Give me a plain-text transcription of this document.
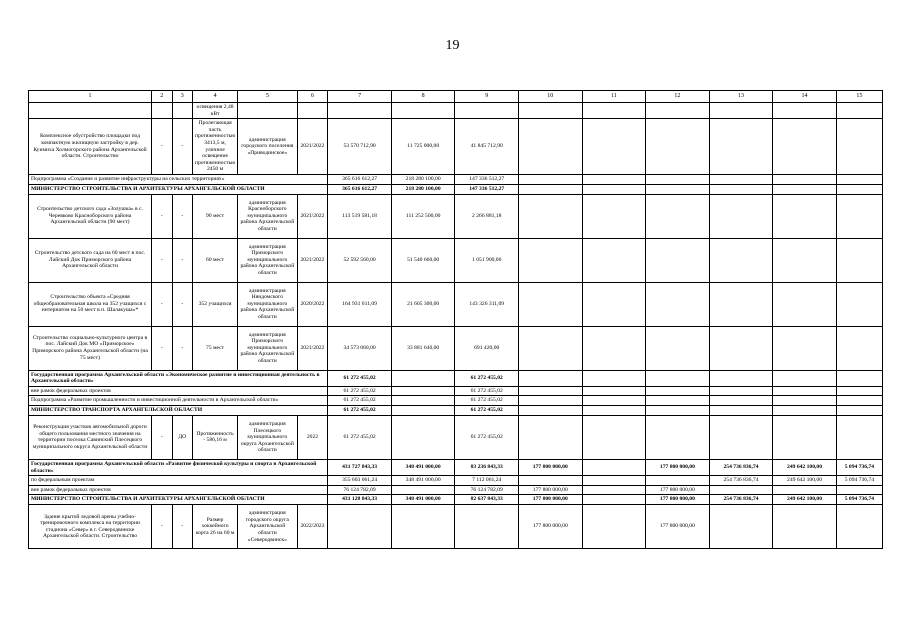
19
1	2	3	4	5	6	7	8	9	10	11	12	13	14	15
			освещения 2,48 кВт											
Комплексное обустройство площадки под компактную жилищную застройку в дер. Куимиха Холмогорского района Архангельской области. Строительство	-	-	Пролегающая часть протяженностью 3413,5 м, уличное освещение протяженностью 2450 м	администрация городского поселения «Приводинское»	2021/2022	53 570 712,90	11 725 000,00	41 845 712,90						
Подпрограмма «Создание и развитие инфраструктуры на сельских территориях»						365 616 612,27	218 280 100,00	147 336 512,27						
МИНИСТЕРСТВО СТРОИТЕЛЬСТВА И АРХИТЕКТУРЫ АРХАНГЕЛЬСКОЙ ОБЛАСТИ						365 616 612,27	218 280 100,00	147 336 512,27						
Строительство детского сада «Золушка» в с. Черевково Красноборского района Архангельской области (90 мест)	-	-	90 мест	администрация Красноборского муниципального района Архангельской области	2021/2022	113 519 581,18	111 252 500,00	2 266 881,18						
Строительство детского сада на 60 мест в пос. Лайский Док Приморского района Архангельской области	-	-	60 мест	администрация Приморского муниципального района Архангельской области	2021/2022	52 592 560,00	51 540 660,00	1 051 900,00						
Строительство объекта «Средняя общеобразовательная школа на 352 учащихся с интернатом на 50 мест в п. Шалакуша»*	-	-	352 учащихся	администрация Няндомского муниципального района Архангельской области	2020/2022	164 931 611,09	21 605 300,00	143 326 311,09						
Строительство социально-культурного центра в пос. Лайский Док МО «Приморское» Приморского района Архангельской области (на 75 мест)	-	-	75 мест	администрация Приморского муниципального района Архангельской области	2021/2022	34 573 060,00	33 881 640,00	691 420,00						
Государственная программа Архангельской области «Экономическое развитие и инвестиционная деятельность в Архангельской области»						61 272 455,02		61 272 455,02						
вне рамок федеральных проектов						61 272 455,02		61 272 455,02						
Подпрограмма «Развитие промышленности и инвестиционной деятельности в Архангельской области»						61 272 455,02		61 272 455,02						
МИНИСТЕРСТВО ТРАНСПОРТА АРХАНГЕЛЬСКОЙ ОБЛАСТИ						61 272 455,02		61 272 455,02						
Реконструкция участков автомобильной дороги общего пользования местного значения на территории поселка Савинский Плесецкого муниципального округа Архангельской области	-	ДО	Протяженность - 586,16 м	администрация Плесецкого муниципального округа Архангельской области	2022	61 272 455,02		61 272 455,02						
Государственная программа Архангельской области «Развитие физической культуры и спорта в Архангельской области»						431 727 843,33	348 491 000,00	83 236 843,33	177 800 000,00		177 800 000,00	254 736 836,74	249 642 100,00	5 094 736,74
по федеральным проектам						355 603 061,24	348 491 000,00	7 112 061,24				254 736 836,74	249 642 100,00	5 094 736,74
вне рамок федеральных проектов						76 124 782,09		76 124 782,09	177 800 000,00		177 800 000,00			
МИНИСТЕРСТВО СТРОИТЕЛЬСТВА И АРХИТЕКТУРЫ АРХАНГЕЛЬСКОЙ ОБЛАСТИ						431 128 843,33	348 491 000,00	82 637 843,33	177 800 000,00		177 800 000,00	254 736 836,74	249 642 100,00	5 094 736,74
Здание крытой ледовой арены учебно-тренировочного комплекса на территории стадиона «Север» в г. Северодвинске Архангельской области. Строительство	-	-	Размер хоккейного корта 26 на 60 м	администрация городского округа Архангельской области «Северодвинск»	2022/2023				177 800 000,00		177 800 000,00			
